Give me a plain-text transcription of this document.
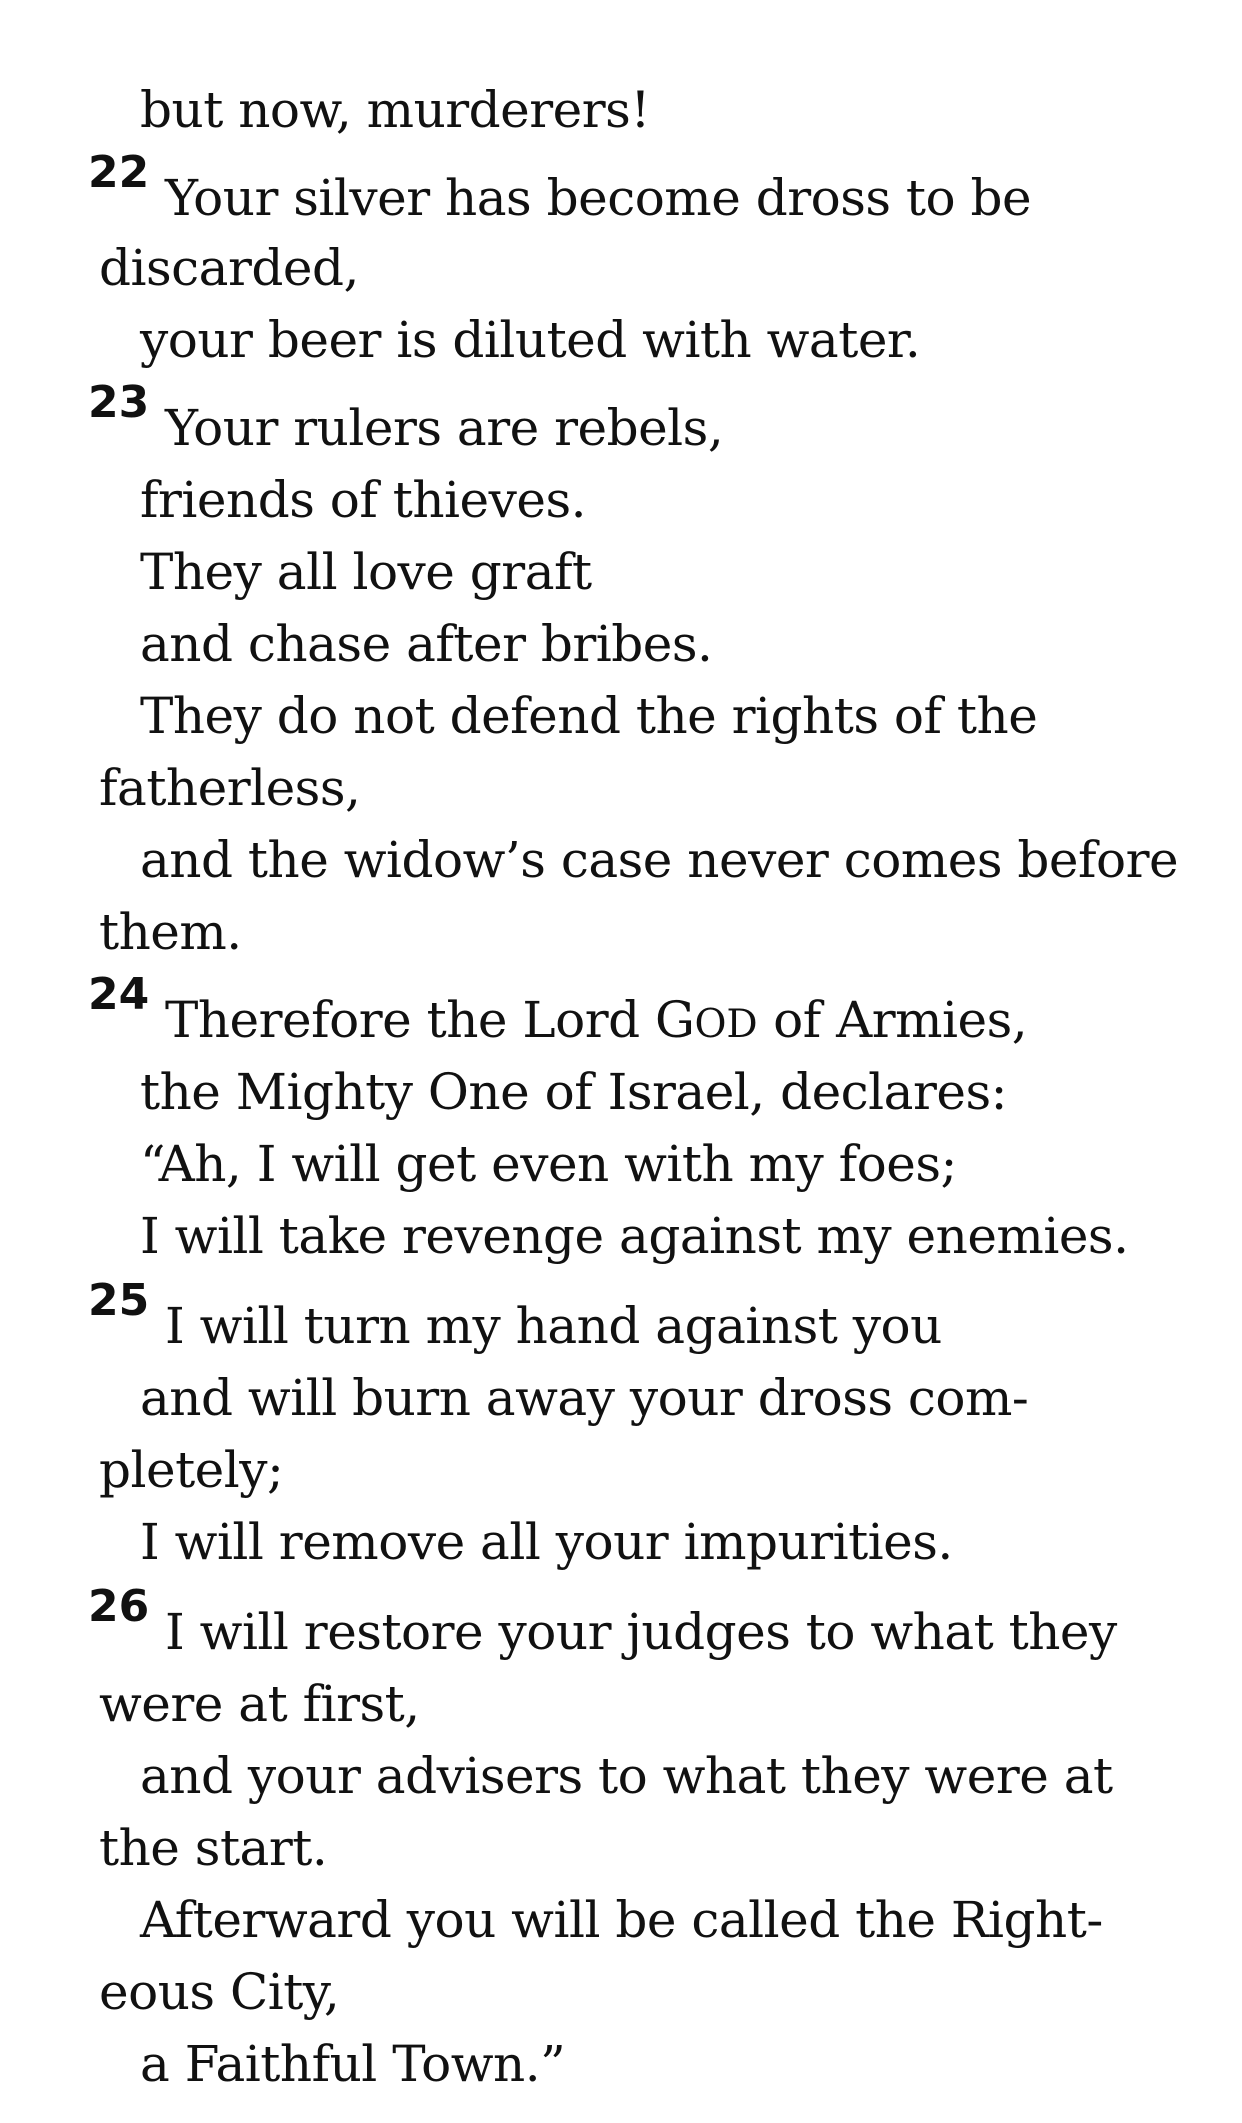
but now, murderers!
22 Your silver has become dross to be
discarded,
your beer is diluted with water.
23 Your rulers are rebels,
friends of thieves.
They all love graft
and chase after bribes.
They do not defend the rights of the
fatherless,
and the widow’s case never comes before
them.
24 Therefore the Lord GOD of Armies,
the Mighty One of Israel, declares:
“Ah, I will get even with my foes;
I will take revenge against my enemies.
25 I will turn my hand against you
and will burn away your dross com-
pletely;
I will remove all your impurities.
26 I will restore your judges to what they
were at first,
and your advisers to what they were at
the start.
Afterward you will be called the Right-
eous City,
a Faithful Town.”
